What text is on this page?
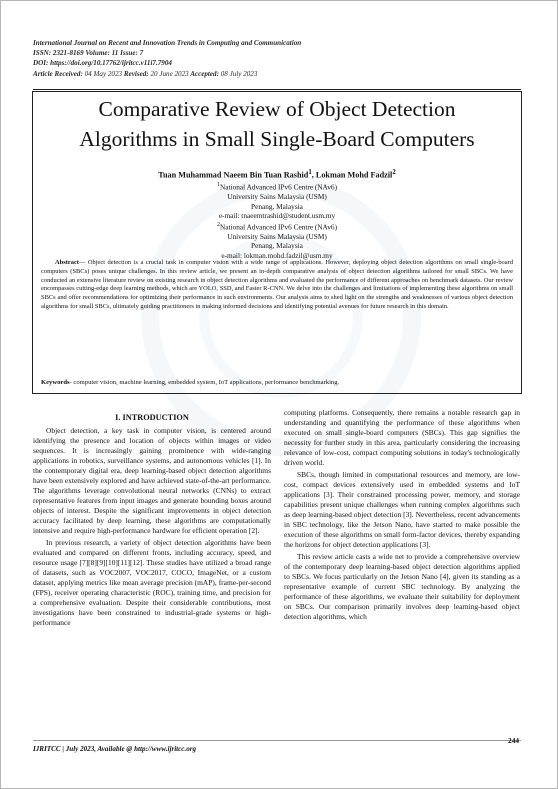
International Journal on Recent and Innovation Trends in Computing and Communication
ISSN: 2321-8169 Volume: 11 Issue: 7
DOI: https://doi.org/10.17762/ijritcc.v11i7.7904
Article Received: 04 May 2023 Revised: 20 June 2023 Accepted: 08 July 2023
Comparative Review of Object Detection
Algorithms in Small Single-Board Computers
Tuan Muhammad Naeem Bin Tuan Rashid$^1$, Lokman Mohd Fadzil$^2$
$^1$National Advanced IPv6 Centre (NAv6)
University Sains Malaysia (USM)
Penang, Malaysia
e-mail: tnaeemtrashid@student.usm.my
$^2$National Advanced IPv6 Centre (NAv6)
University Sains Malaysia (USM)
Penang, Malaysia
e-mail: lokman.mohd.fadzil@usm.my
Abstract— Object detection is a crucial task in computer vision with a wide range of applications. However, deploying object detection algorithms on small single-board computers (SBCs) poses unique challenges. In this review article, we present an in-depth comparative analysis of object detection algorithms tailored for small SBCs. We have conducted an extensive literature review on existing research in object detection algorithms and evaluated the performance of different approaches on benchmark datasets. Our review encompasses cutting-edge deep learning methods, which are YOLO, SSD, and Faster R-CNN. We delve into the challenges and limitations of implementing these algorithms on small SBCs and offer recommendations for optimizing their performance in such environments. Our analysis aims to shed light on the strengths and weaknesses of various object detection algorithms for small SBCs, ultimately guiding practitioners in making informed decisions and identifying potential avenues for future research in this domain.
Keywords- computer vision, machine learning, embedded system, IoT applications, performance benchmarking.
I. INTRODUCTION

Object detection, a key task in computer vision, is centered around identifying the presence and location of objects within images or video sequences. It is increasingly gaining prominence with wide-ranging applications in robotics, surveillance systems, and autonomous vehicles [1]. In the contemporary digital era, deep learning-based object detection algorithms have been extensively explored and have achieved state-of-the-art performance. The algorithms leverage convolutional neural networks (CNNs) to extract representative features from input images and generate bounding boxes around objects of interest. Despite the significant improvements in object detection accuracy facilitated by deep learning, these algorithms are computationally intensive and require high-performance hardware for efficient operation [2].

In previous research, a variety of object detection algorithms have been evaluated and compared on different fronts, including accuracy, speed, and resource usage [7][8][9][10][11][12]. These studies have utilized a broad range of datasets, such as VOC2007, VOC2017, COCO, ImageNet, or a custom dataset, applying metrics like mean average precision (mAP), frame-per-second (FPS), receiver operating characteristic (ROC), training time, and precision for a comprehensive evaluation. Despite their considerable contributions, most investigations have been constrained to industrial-grade systems or high-performance

computing platforms. Consequently, there remains a notable research gap in understanding and quantifying the performance of these algorithms when executed on small single-board computers (SBCs). This gap signifies the necessity for further study in this area, particularly considering the increasing relevance of low-cost, compact computing solutions in today's technologically driven world.

SBCs, though limited in computational resources and memory, are low-cost, compact devices extensively used in embedded systems and IoT applications [3]. Their constrained processing power, memory, and storage capabilities present unique challenges when running complex algorithms such as deep learning-based object detection [3]. Nevertheless, recent advancements in SBC technology, like the Jetson Nano, have started to make possible the execution of these algorithms on small form-factor devices, thereby expanding the horizons for object detection applications [3].

This review article casts a wide net to provide a comprehensive overview of the contemporary deep learning-based object detection algorithms applied to SBCs. We focus particularly on the Jetson Nano [4], given its standing as a representative example of current SBC technology. By analyzing the performance of these algorithms, we evaluate their suitability for deployment on SBCs. Our comparison primarily involves deep learning-based object detection algorithms, which

244
IJRITCC | July 2023, Available @ http://www.ijritcc.org
